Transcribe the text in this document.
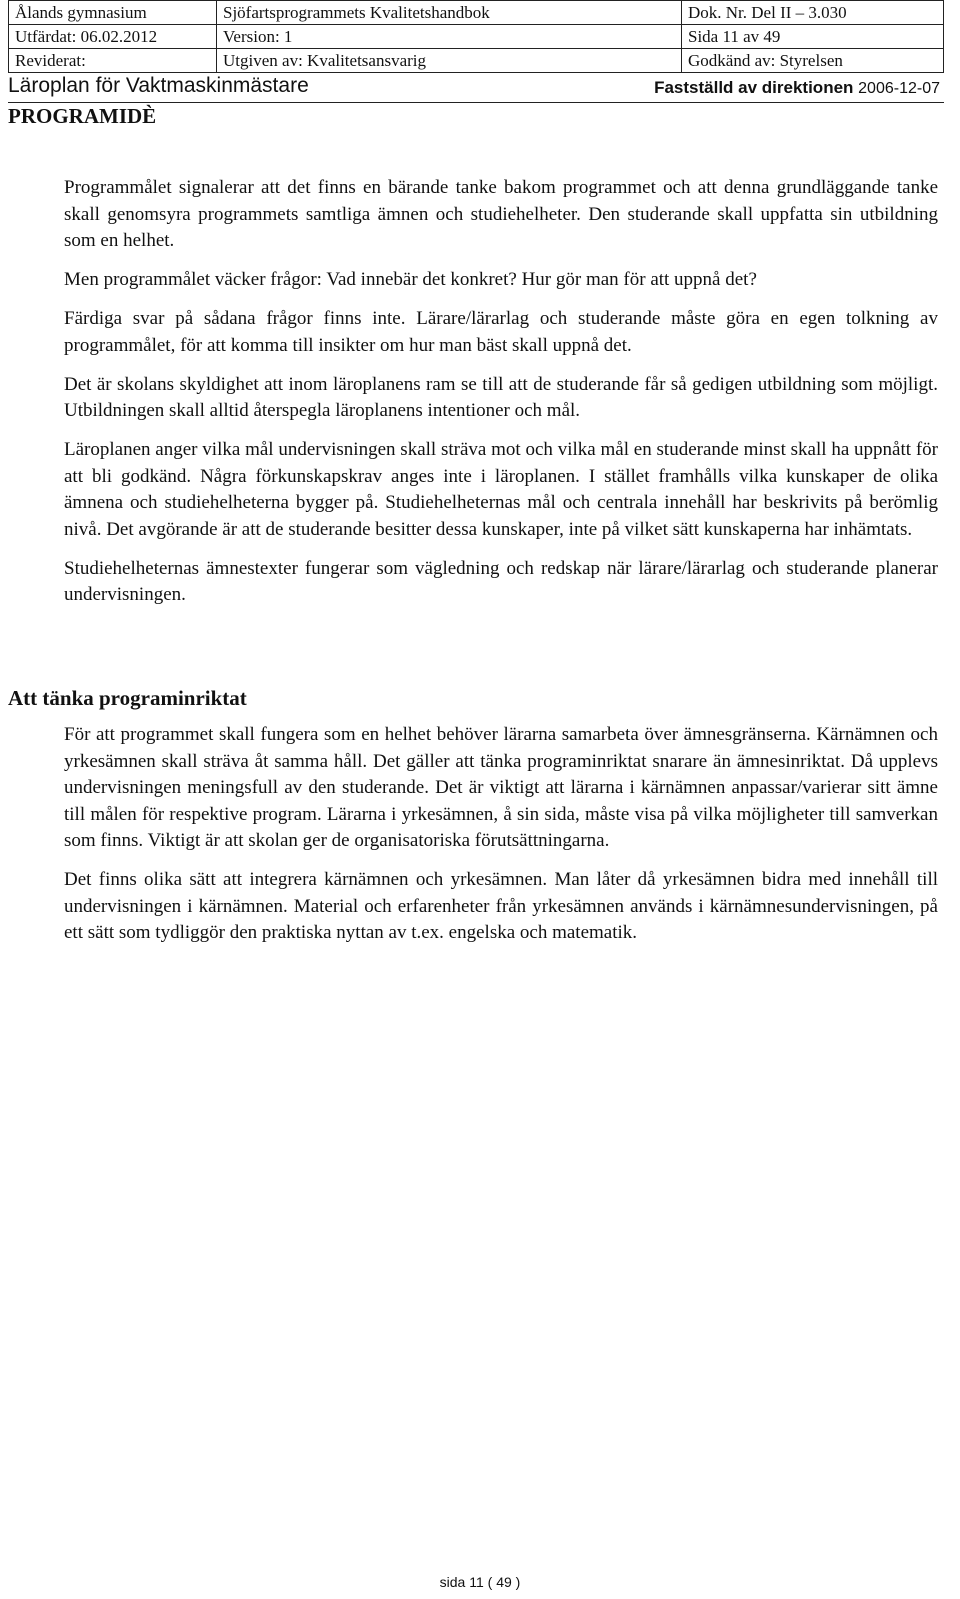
Ålands gymnasium	Sjöfartsprogrammets Kvalitetshandbok	Dok. Nr. Del II – 3.030
Utfärdat: 06.02.2012	Version: 1	Sida 11 av 49
Reviderat:	Utgiven av: Kvalitetsansvarig	Godkänd av: Styrelsen
Läroplan för Vaktmaskinmästare	Fastställd av direktionen 2006-12-07
PROGRAMIDÈ

Programmålet signalerar att det finns en bärande tanke bakom programmet och att denna grundläggande tanke skall genomsyra programmets samtliga ämnen och studiehelheter. Den studerande skall uppfatta sin utbildning som en helhet.

Men programmålet väcker frågor: Vad innebär det konkret? Hur gör man för att uppnå det?

Färdiga svar på sådana frågor finns inte. Lärare/lärarlag och studerande måste göra en egen tolkning av programmålet, för att komma till insikter om hur man bäst skall uppnå det.

Det är skolans skyldighet att inom läroplanens ram se till att de studerande får så gedigen utbildning som möjligt. Utbildningen skall alltid återspegla läroplanens intentioner och mål.

Läroplanen anger vilka mål undervisningen skall sträva mot och vilka mål en studerande minst skall ha uppnått för att bli godkänd. Några förkunskapskrav anges inte i läroplanen. I stället framhålls vilka kunskaper de olika ämnena och studiehelheterna bygger på. Studiehelheternas mål och centrala innehåll har beskrivits på berömlig nivå. Det avgörande är att de studerande besitter dessa kunskaper, inte på vilket sätt kunskaperna har inhämtats.

Studiehelheternas ämnestexter fungerar som vägledning och redskap när lärare/lärarlag och studerande planerar undervisningen.

Att tänka programinriktat

För att programmet skall fungera som en helhet behöver lärarna samarbeta över ämnesgränserna. Kärnämnen och yrkesämnen skall sträva åt samma håll. Det gäller att tänka programinriktat snarare än ämnesinriktat. Då upplevs undervisningen meningsfull av den studerande. Det är viktigt att lärarna i kärnämnen anpassar/varierar sitt ämne till målen för respektive program. Lärarna i yrkesämnen, å sin sida, måste visa på vilka möjligheter till samverkan som finns. Viktigt är att skolan ger de organisatoriska förutsättningarna.

Det finns olika sätt att integrera kärnämnen och yrkesämnen. Man låter då yrkesämnen bidra med innehåll till undervisningen i kärnämnen. Material och erfarenheter från yrkesämnen används i kärnämnesundervisningen, på ett sätt som tydliggör den praktiska nyttan av t.ex. engelska och matematik.

sida 11 ( 49 )
